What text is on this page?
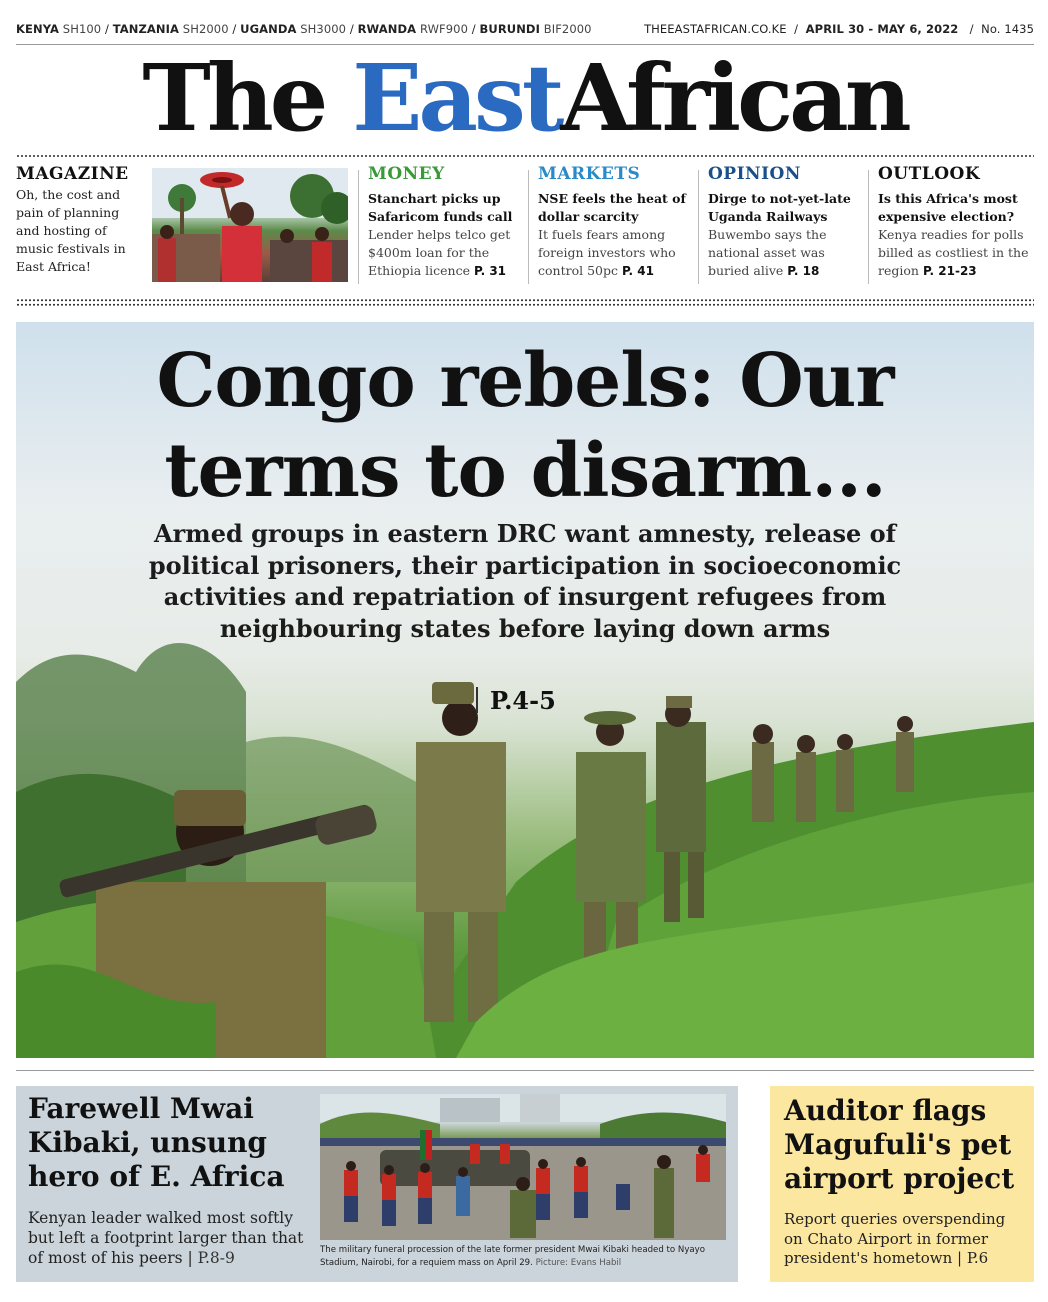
KENYA SH100 / TANZANIA SH2000 / UGANDA SH3000 / RWANDA RWF900 / BURUNDI BIF2000	THEEASTAFRICAN.CO.KE  /  APRIL 30 - MAY 6, 2022   /  No. 1435
The EastAfrican
MAGAZINE
Oh, the cost and pain of planning and hosting of music festivals in East Africa!
MONEY
Stanchart picks up Safaricom funds call
Lender helps telco get $400m loan for the Ethiopia licence P. 31
MARKETS
NSE feels the heat of dollar scarcity
It fuels fears among foreign investors who control 50pc P. 41
OPINION
Dirge to not-yet-late Uganda Railways
Buwembo says the national asset was buried alive P. 18
OUTLOOK
Is this Africa's most expensive election?
Kenya readies for polls billed as costliest in the region P. 21-23
Congo rebels: Our
terms to disarm...
Armed groups in eastern DRC want amnesty, release of political prisoners, their participation in socioeconomic activities and repatriation of insurgent refugees from neighbouring states before laying down arms
P.4-5
Farewell Mwai Kibaki, unsung hero of E. Africa
Kenyan leader walked most softly but left a footprint larger than that of most of his peers | P.8-9	The military funeral procession of the late former president Mwai Kibaki headed to Nyayo Stadium, Nairobi, for a requiem mass on April 29. Picture: Evans Habil
Auditor flags Magufuli's pet airport project
Report queries overspending on Chato Airport in former president's hometown | P.6
